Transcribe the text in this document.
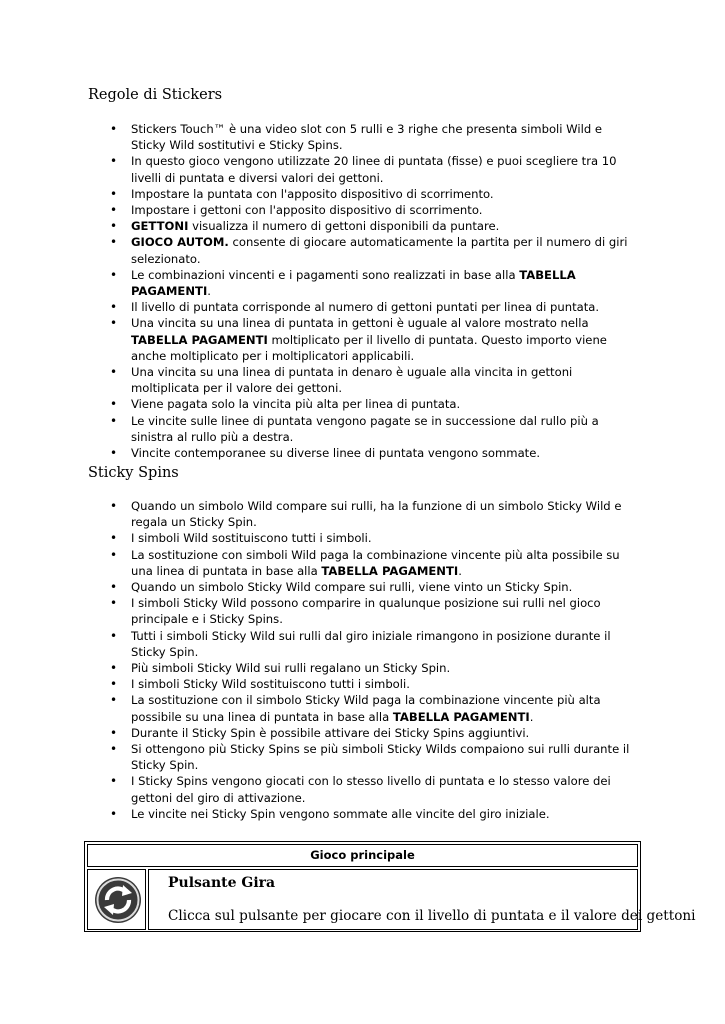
Regole di Stickers
• Stickers Touch™ è una video slot con 5 rulli e 3 righe che presenta simboli Wild e Sticky Wild sostitutivi e Sticky Spins.
• In questo gioco vengono utilizzate 20 linee di puntata (fisse) e puoi scegliere tra 10 livelli di puntata e diversi valori dei gettoni.
• Impostare la puntata con l'apposito dispositivo di scorrimento.
• Impostare i gettoni con l'apposito dispositivo di scorrimento.
• GETTONI visualizza il numero di gettoni disponibili da puntare.
• GIOCO AUTOM. consente di giocare automaticamente la partita per il numero di giri selezionato.
• Le combinazioni vincenti e i pagamenti sono realizzati in base alla TABELLA PAGAMENTI.
• Il livello di puntata corrisponde al numero di gettoni puntati per linea di puntata.
• Una vincita su una linea di puntata in gettoni è uguale al valore mostrato nella TABELLA PAGAMENTI moltiplicato per il livello di puntata. Questo importo viene anche moltiplicato per i moltiplicatori applicabili.
• Una vincita su una linea di puntata in denaro è uguale alla vincita in gettoni moltiplicata per il valore dei gettoni.
• Viene pagata solo la vincita più alta per linea di puntata.
• Le vincite sulle linee di puntata vengono pagate se in successione dal rullo più a sinistra al rullo più a destra.
• Vincite contemporanee su diverse linee di puntata vengono sommate.
Sticky Spins
• Quando un simbolo Wild compare sui rulli, ha la funzione di un simbolo Sticky Wild e regala un Sticky Spin.
• I simboli Wild sostituiscono tutti i simboli.
• La sostituzione con simboli Wild paga la combinazione vincente più alta possibile su una linea di puntata in base alla TABELLA PAGAMENTI.
• Quando un simbolo Sticky Wild compare sui rulli, viene vinto un Sticky Spin.
• I simboli Sticky Wild possono comparire in qualunque posizione sui rulli nel gioco principale e i Sticky Spins.
• Tutti i simboli Sticky Wild sui rulli dal giro iniziale rimangono in posizione durante il Sticky Spin.
• Più simboli Sticky Wild sui rulli regalano un Sticky Spin.
• I simboli Sticky Wild sostituiscono tutti i simboli.
• La sostituzione con il simbolo Sticky Wild paga la combinazione vincente più alta possibile su una linea di puntata in base alla TABELLA PAGAMENTI.
• Durante il Sticky Spin è possibile attivare dei Sticky Spins aggiuntivi.
• Si ottengono più Sticky Spins se più simboli Sticky Wilds compaiono sui rulli durante il Sticky Spin.
• I Sticky Spins vengono giocati con lo stesso livello di puntata e lo stesso valore dei gettoni del giro di attivazione.
• Le vincite nei Sticky Spin vengono sommate alle vincite del giro iniziale.
Gioco principale
Pulsante Gira
Clicca sul pulsante per giocare con il livello di puntata e il valore dei gettoni
